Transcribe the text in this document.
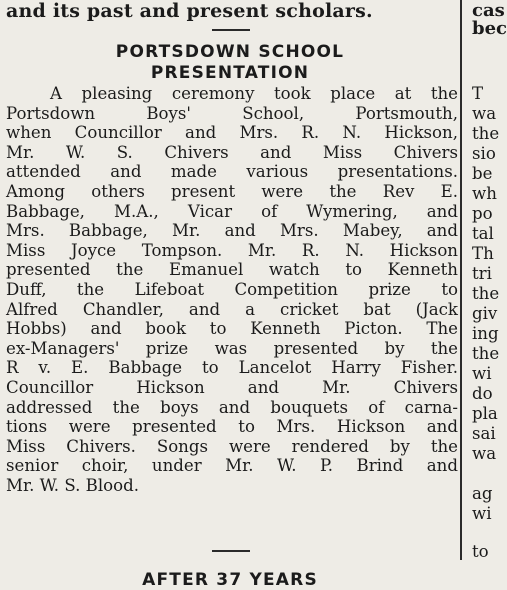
and its past and present scholars.
PORTSDOWN SCHOOL
PRESENTATION
A pleasing ceremony took place at the
Portsdown Boys' School, Portsmouth,
when Councillor and Mrs. R. N. Hickson,
Mr. W. S. Chivers and Miss Chivers
attended and made various presentations.
Among others present were the Rev E.
Babbage, M.A., Vicar of Wymering, and
Mrs. Babbage, Mr. and Mrs. Mabey, and
Miss Joyce Tompson. Mr. R. N. Hickson
presented the Emanuel watch to Kenneth
Duff, the Lifeboat Competition prize to
Alfred Chandler, and a cricket bat (Jack
Hobbs) and book to Kenneth Picton. The
ex-Managers' prize was presented by the
R v. E. Babbage to Lancelot Harry Fisher.
Councillor Hickson and Mr. Chivers
addressed the boys and bouquets of carna-
tions were presented to Mrs. Hickson and
Miss Chivers. Songs were rendered by the
senior choir, under Mr. W. P. Brind and
Mr. W. S. Blood.
AFTER 37 YEARS
cas
bec
T
wa
the
sio
be
wh
po
tal
Th
tri
the
giv
ing
the
wi
do
pla
sai
wa
ag
wi
to
